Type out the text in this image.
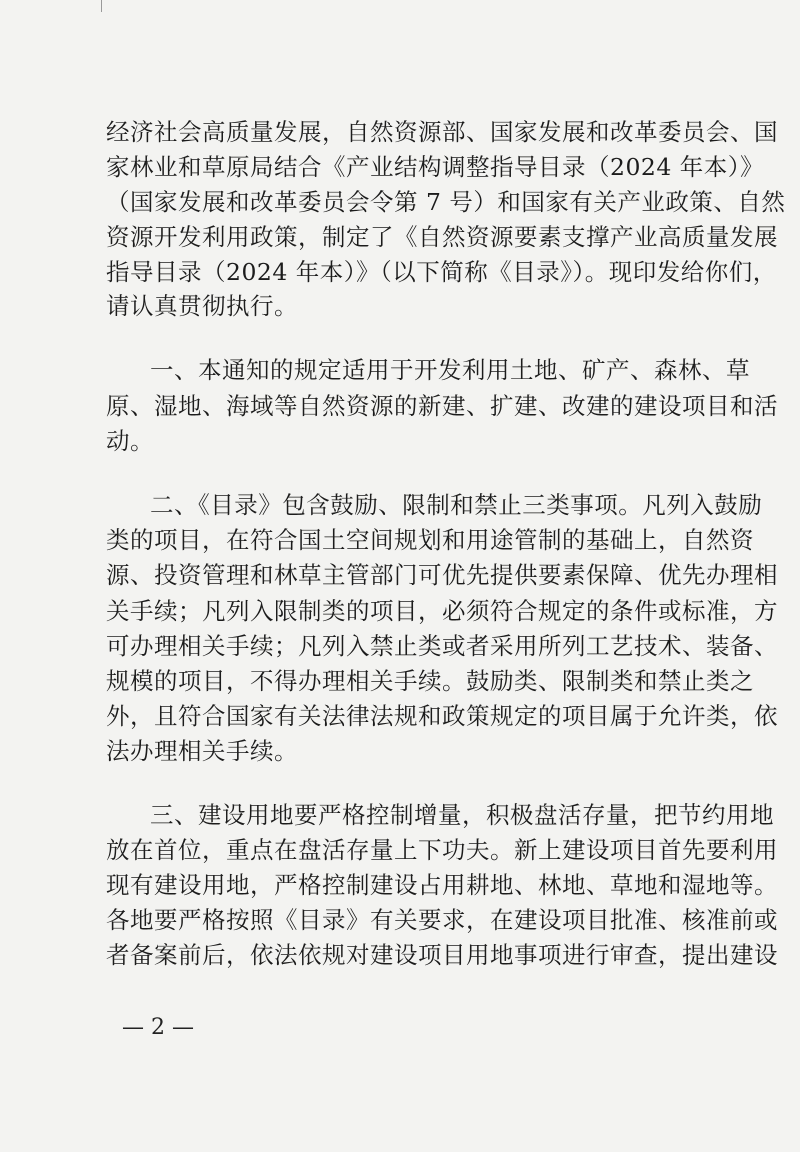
经济社会高质量发展，自然资源部、国家发展和改革委员会、国
家林业和草原局结合《产业结构调整指导目录（2024 年本）》
（国家发展和改革委员会令第 7 号）和国家有关产业政策、自然
资源开发利用政策，制定了《自然资源要素支撑产业高质量发展
指导目录（2024 年本）》（以下简称《目录》）。现印发给你们，
请认真贯彻执行。
一、本通知的规定适用于开发利用土地、矿产、森林、草
原、湿地、海域等自然资源的新建、扩建、改建的建设项目和活
动。
二、《目录》包含鼓励、限制和禁止三类事项。凡列入鼓励
类的项目，在符合国土空间规划和用途管制的基础上，自然资
源、投资管理和林草主管部门可优先提供要素保障、优先办理相
关手续；凡列入限制类的项目，必须符合规定的条件或标准，方
可办理相关手续；凡列入禁止类或者采用所列工艺技术、装备、
规模的项目，不得办理相关手续。鼓励类、限制类和禁止类之
外，且符合国家有关法律法规和政策规定的项目属于允许类，依
法办理相关手续。
三、建设用地要严格控制增量，积极盘活存量，把节约用地
放在首位，重点在盘活存量上下功夫。新上建设项目首先要利用
现有建设用地，严格控制建设占用耕地、林地、草地和湿地等。
各地要严格按照《目录》有关要求，在建设项目批准、核准前或
者备案前后，依法依规对建设项目用地事项进行审查，提出建设
— 2 —
